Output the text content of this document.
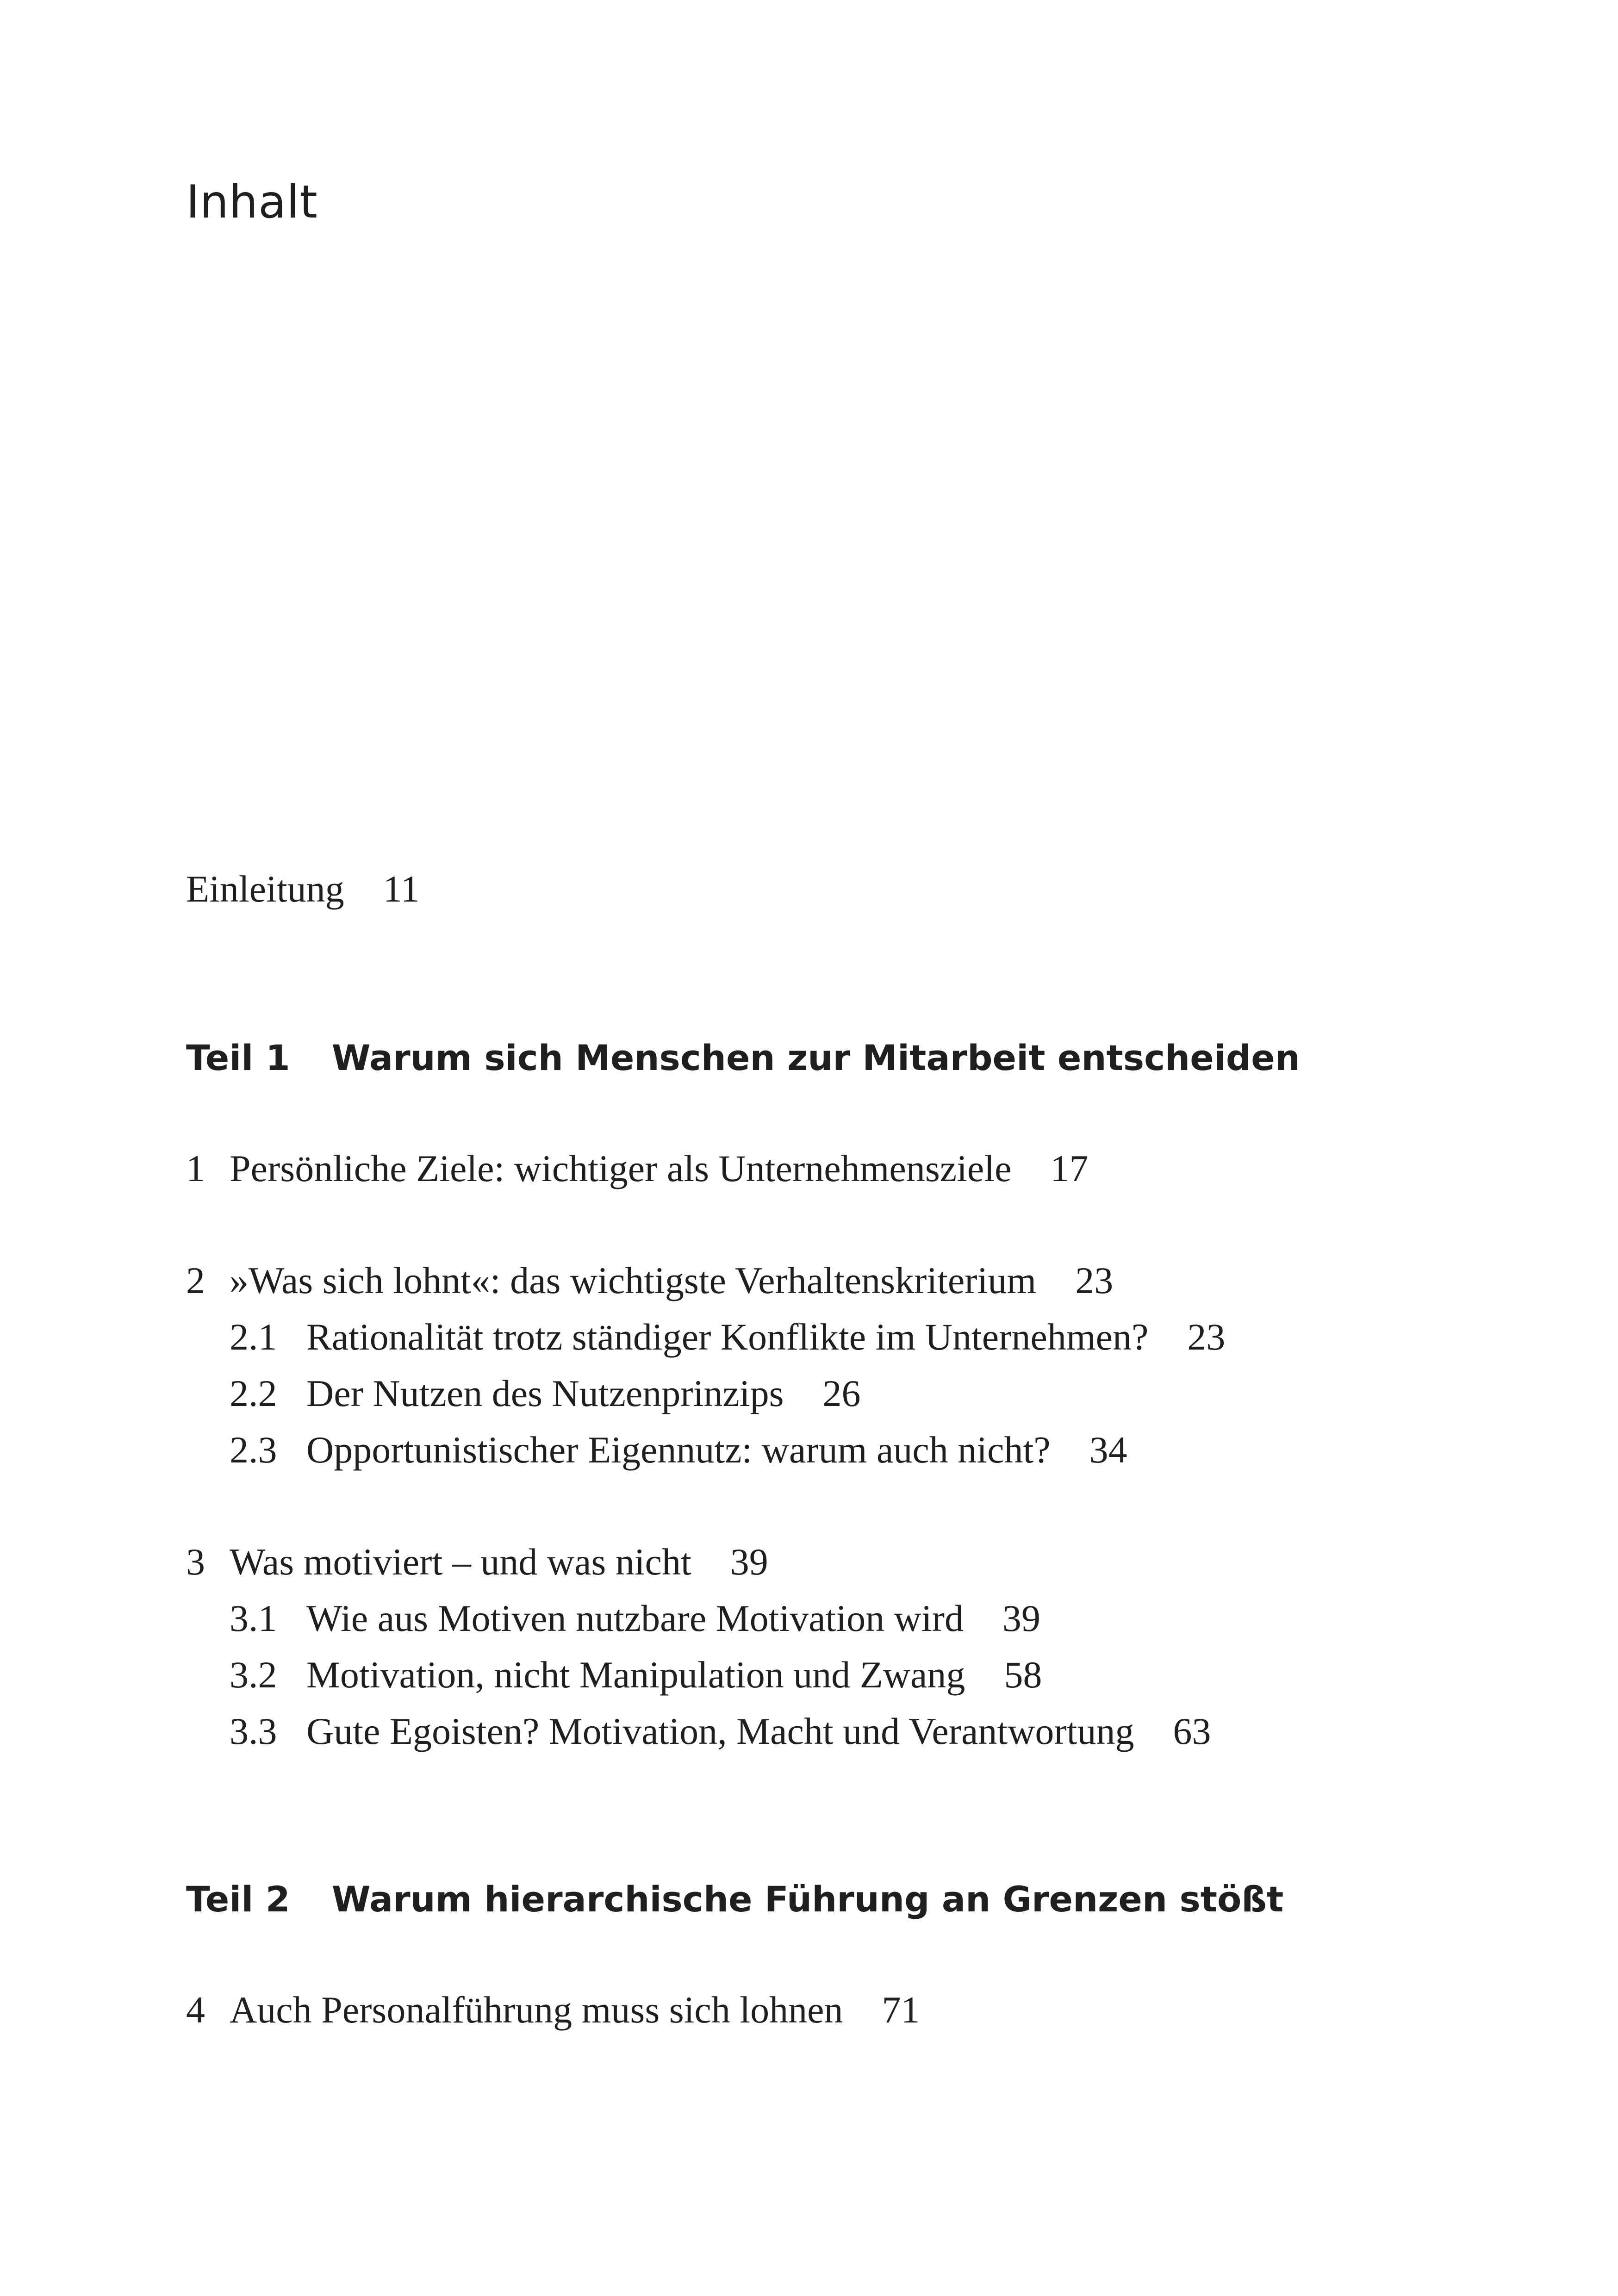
Inhalt
Einleitung 11
Teil 1 Warum sich Menschen zur Mitarbeit entscheiden
1 Persönliche Ziele: wichtiger als Unternehmensziele 17
2 »Was sich lohnt«: das wichtigste Verhaltenskriterium 23
2.1 Rationalität trotz ständiger Konflikte im Unternehmen? 23
2.2 Der Nutzen des Nutzenprinzips 26
2.3 Opportunistischer Eigennutz: warum auch nicht? 34
3 Was motiviert – und was nicht 39
3.1 Wie aus Motiven nutzbare Motivation wird 39
3.2 Motivation, nicht Manipulation und Zwang 58
3.3 Gute Egoisten? Motivation, Macht und Verantwortung 63
Teil 2 Warum hierarchische Führung an Grenzen stößt
4 Auch Personalführung muss sich lohnen 71
